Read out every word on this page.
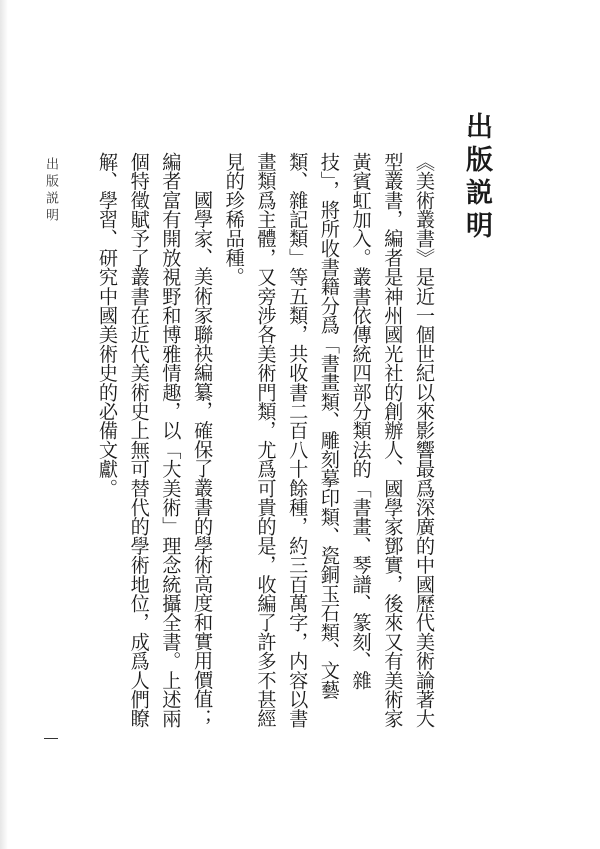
出版説明

《美術叢書》是近一個世紀以來影響最爲深廣的中國歷代美術論著大型叢書，編者是神州國光社的創辦人、國學家鄧實，後來又有美術家黃賓虹加入。叢書依傳統四部分類法的「書畫、琴譜、篆刻、雜技」，將所收書籍分爲「書畫類、雕刻摹印類、瓷銅玉石類、文藝類、雜記類」等五類，共收書二百八十餘種，約三百萬字，内容以書畫類爲主體，又旁涉各美術門類，尤爲可貴的是，收編了許多不甚經見的珍稀品種。

國學家、美術家聯袂編纂，確保了叢書的學術高度和實用價值；編者富有開放視野和博雅情趣，以「大美術」理念統攝全書。上述兩個特徵賦予了叢書在近代美術史上無可替代的學術地位，成爲人們瞭解、學習、研究中國美術史的必備文獻。

出版説明
